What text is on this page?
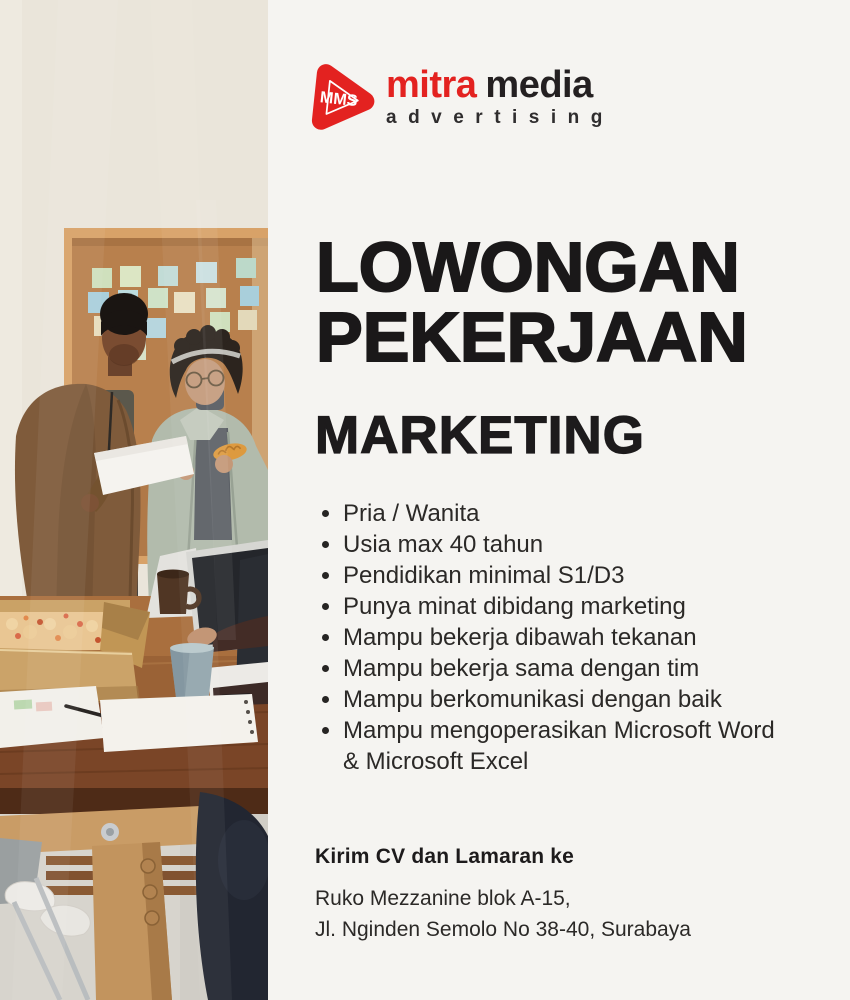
MMS mitra media
advertising
LOWONGAN
PEKERJAAN
MARKETING
Pria / Wanita
Usia max 40 tahun
Pendidikan minimal S1/D3
Punya minat dibidang marketing
Mampu bekerja dibawah tekanan
Mampu bekerja sama dengan tim
Mampu berkomunikasi dengan baik
Mampu mengoperasikan Microsoft Word & Microsoft Excel

Kirim CV dan Lamaran ke

Ruko Mezzanine blok A-15,

Jl. Nginden Semolo No 38-40, Surabaya
